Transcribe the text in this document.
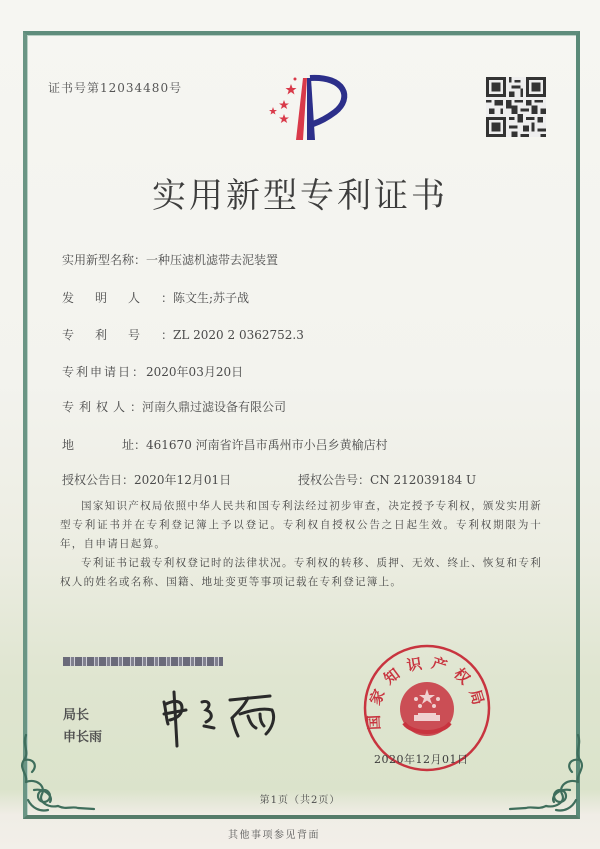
证书号第12034480号
实用新型专利证书
实用新型名称：一种压滤机滤带去泥装置
发明人：陈文生;苏子战
专利号：ZL 2020 2 0362752.3
专利申请日：2020年03月20日
专利权人：河南久鼎过滤设备有限公司
地	址：461670 河南省许昌市禹州市小吕乡黄榆店村
授权公告日：2020年12月01日	授权公告号：CN 212039184 U
国家知识产权局依照中华人民共和国专利法经过初步审查，决定授予专利权，颁发实用新型专利证书并在专利登记簿上予以登记。专利权自授权公告之日起生效。专利权期限为十年，自申请日起算。
专利证书记载专利权登记时的法律状况。专利权的转移、质押、无效、终止、恢复和专利权人的姓名或名称、国籍、地址变更等事项记载在专利登记簿上。
局长
申长雨
国家知识产权局
2020年12月01日
第1页（共2页）
其他事项参见背面
